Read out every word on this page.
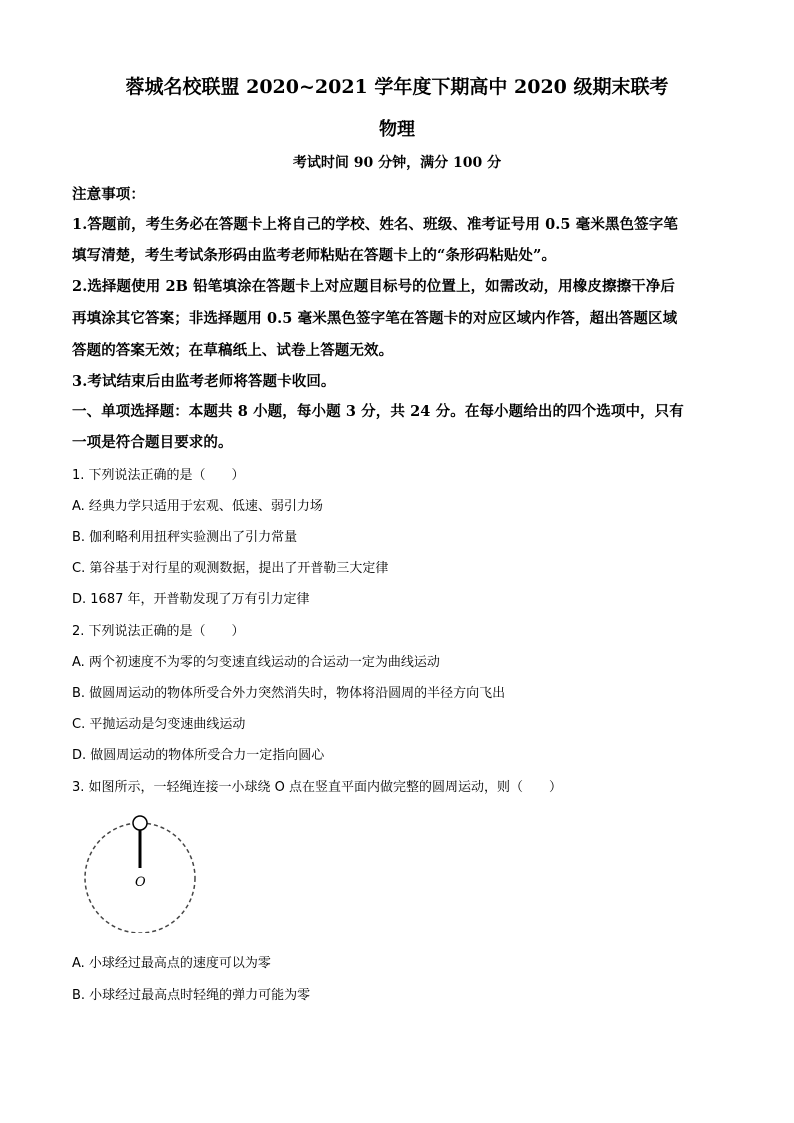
蓉城名校联盟 2020~2021 学年度下期高中 2020 级期末联考
物理
考试时间 90 分钟，满分 100 分
注意事项：
1.答题前，考生务必在答题卡上将自己的学校、姓名、班级、准考证号用 0.5 毫米黑色签字笔
填写清楚，考生考试条形码由监考老师粘贴在答题卡上的“条形码粘贴处”。
2.选择题使用 2B 铅笔填涂在答题卡上对应题目标号的位置上，如需改动，用橡皮擦擦干净后
再填涂其它答案；非选择题用 0.5 毫米黑色签字笔在答题卡的对应区域内作答，超出答题区域
答题的答案无效；在草稿纸上、试卷上答题无效。
3.考试结束后由监考老师将答题卡收回。
一、单项选择题：本题共 8 小题，每小题 3 分，共 24 分。在每小题给出的四个选项中，只有
一项是符合题目要求的。
1. 下列说法正确的是（　　）
A. 经典力学只适用于宏观、低速、弱引力场
B. 伽利略利用扭秤实验测出了引力常量
C. 第谷基于对行星的观测数据，提出了开普勒三大定律
D. 1687 年，开普勒发现了万有引力定律
2. 下列说法正确的是（　　）
A. 两个初速度不为零的匀变速直线运动的合运动一定为曲线运动
B. 做圆周运动的物体所受合外力突然消失时，物体将沿圆周的半径方向飞出
C. 平抛运动是匀变速曲线运动
D. 做圆周运动的物体所受合力一定指向圆心
3. 如图所示，一轻绳连接一小球绕 O 点在竖直平面内做完整的圆周运动，则（　　）
O
A. 小球经过最高点的速度可以为零
B. 小球经过最高点时轻绳的弹力可能为零
